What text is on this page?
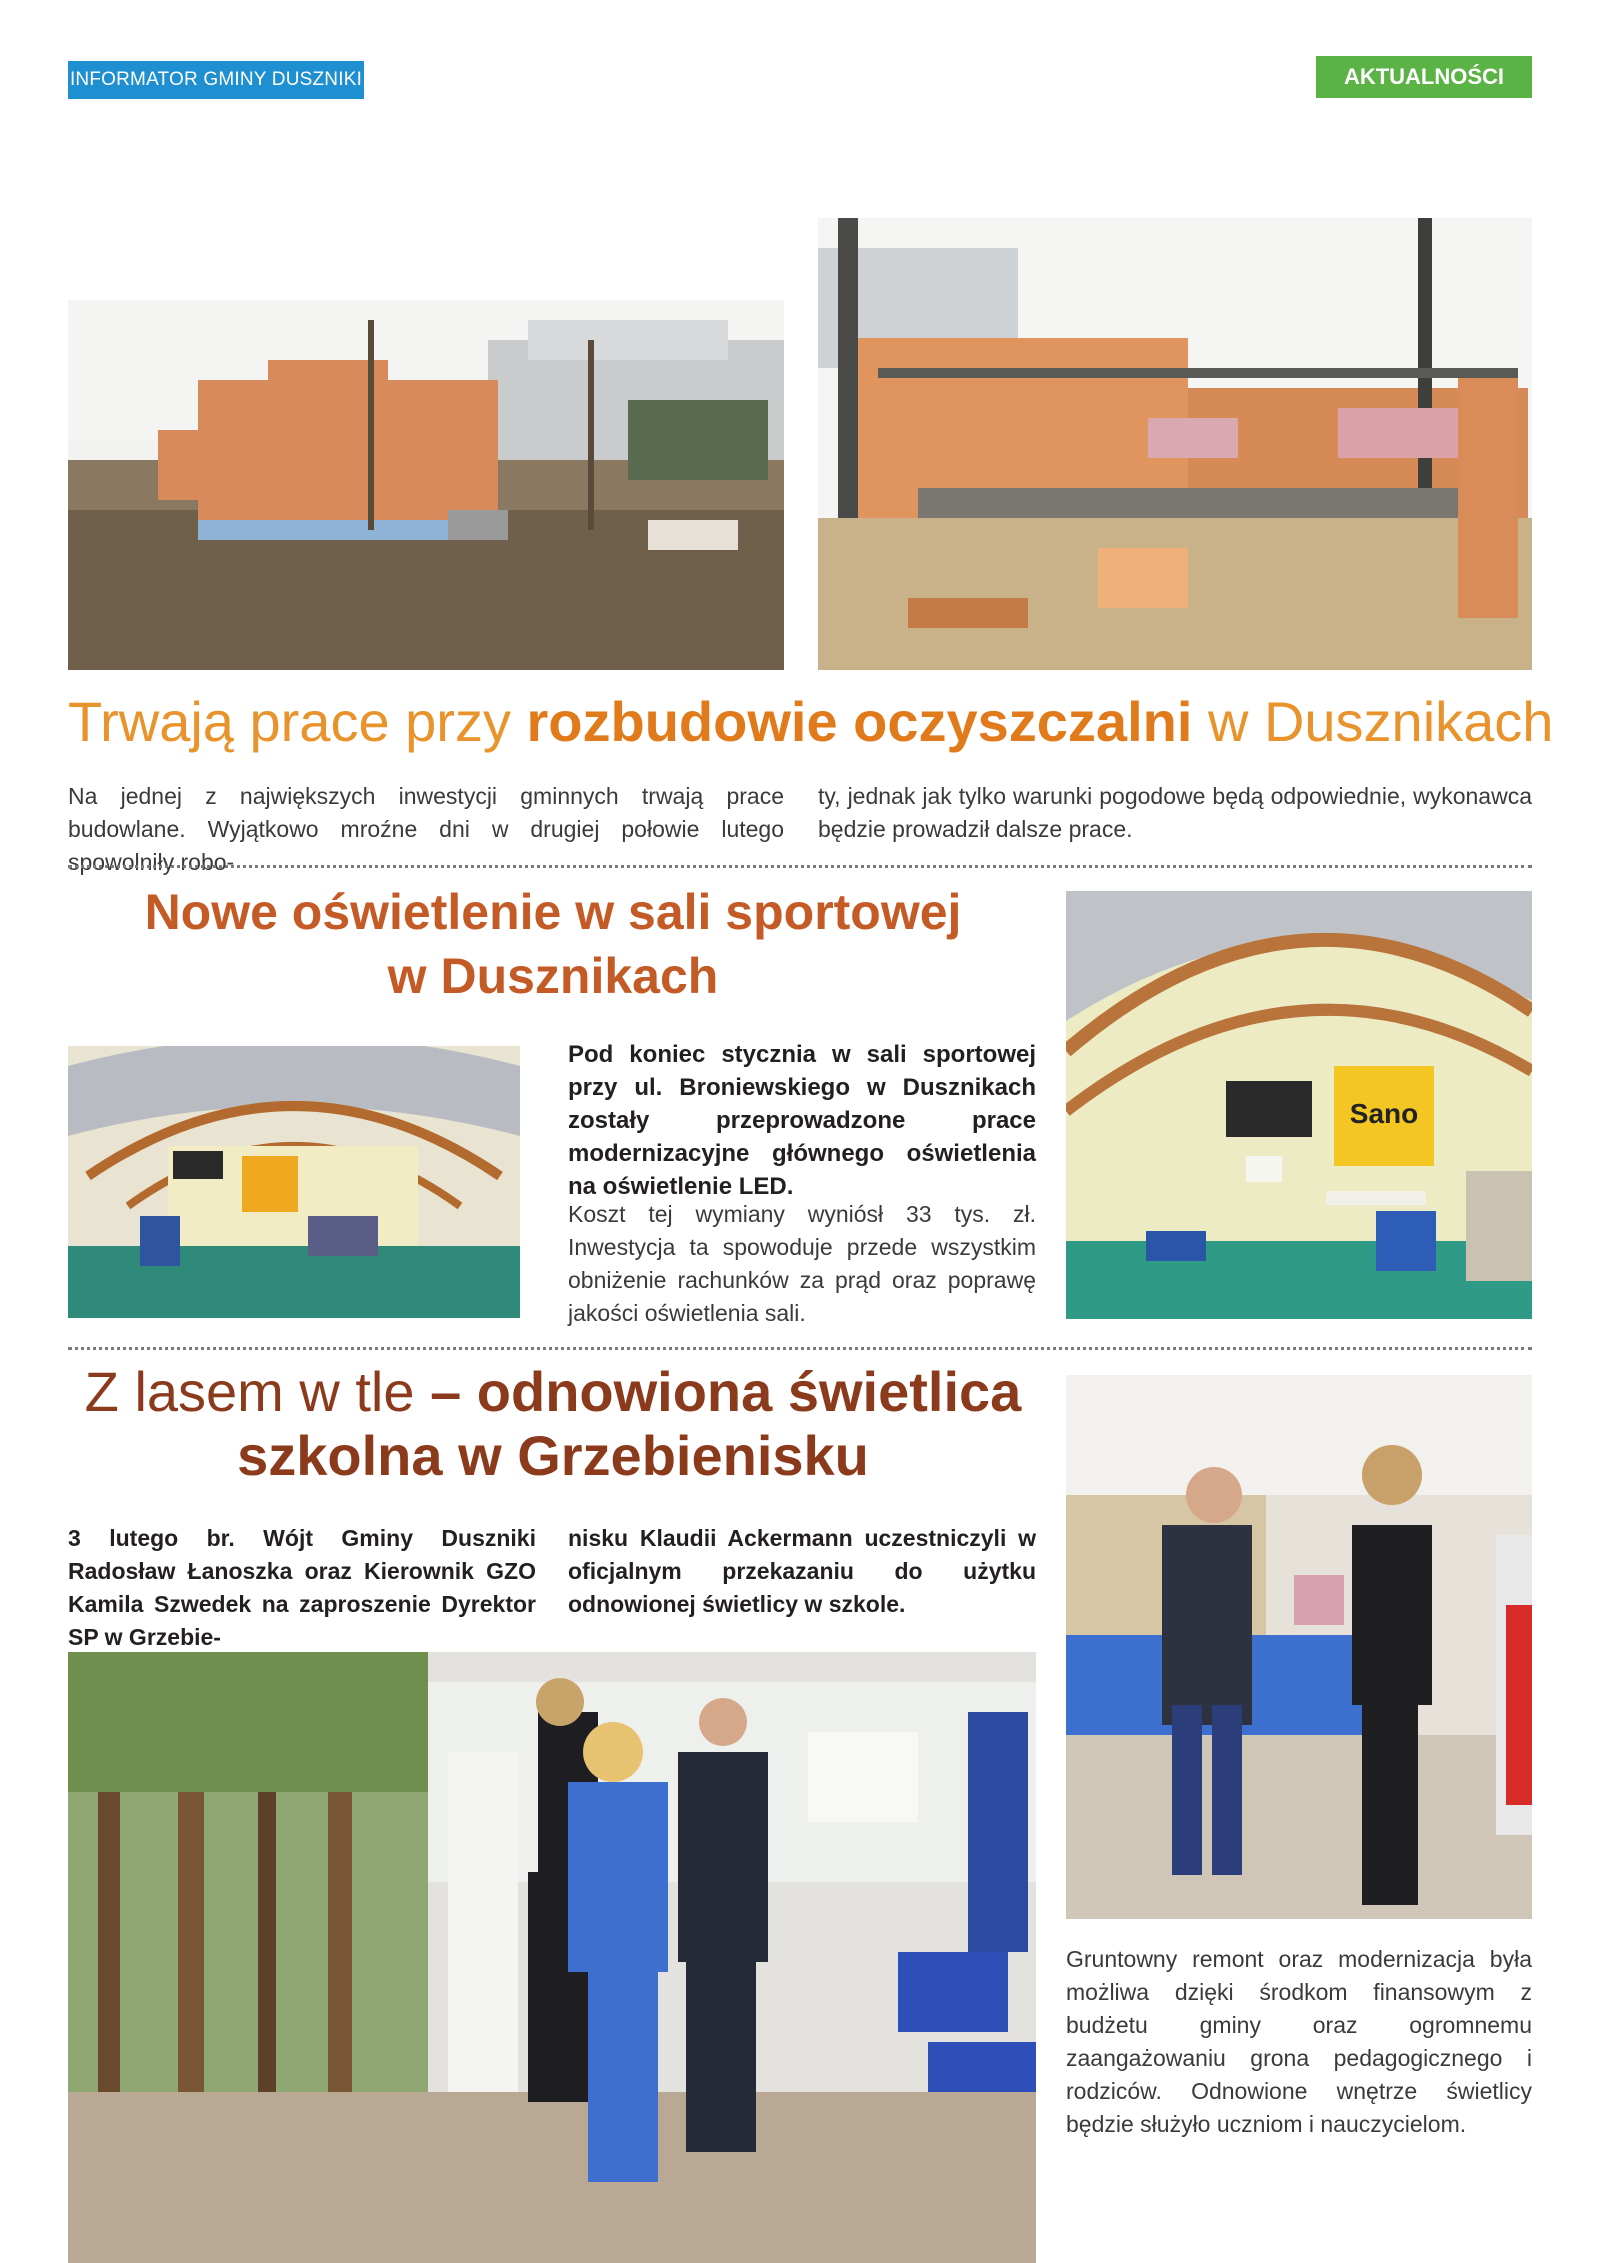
INFORMATOR GMINY DUSZNIKI	AKTUALNOŚCI
Trwają prace przy rozbudowie oczyszczalni w Dusznikach
Na jednej z największych inwestycji gminnych trwają prace budowlane. Wyjątkowo mroźne dni w drugiej połowie lutego spowolniły robo-
ty, jednak jak tylko warunki pogodowe będą odpowiednie, wykonawca będzie prowadził dalsze prace.
Nowe oświetlenie w sali sportowej
w Dusznikach
Pod koniec stycznia w sali sportowej przy ul. Broniewskiego w Dusznikach zostały przeprowadzone prace modernizacyjne głównego oświetlenia na oświetlenie LED.
Koszt tej wymiany wyniósł 33 tys. zł. Inwestycja ta spowoduje przede wszystkim obniżenie rachunków za prąd oraz poprawę jakości oświetlenia sali.
Sano
Z lasem w tle – odnowiona świetlica
szkolna w Grzebienisku
3 lutego br. Wójt Gminy Duszniki Radosław Łanoszka oraz Kierownik GZO Kamila Szwedek na zaproszenie Dyrektor SP w Grzebie-
nisku Klaudii Ackermann uczestniczyli w oficjalnym przekazaniu do użytku odnowionej świetlicy w szkole.
Gruntowny remont oraz modernizacja była możliwa dzięki środkom finansowym z budżetu gminy oraz ogromnemu zaangażowaniu grona pedagogicznego i rodziców. Odnowione wnętrze świetlicy będzie służyło uczniom i nauczycielom.
